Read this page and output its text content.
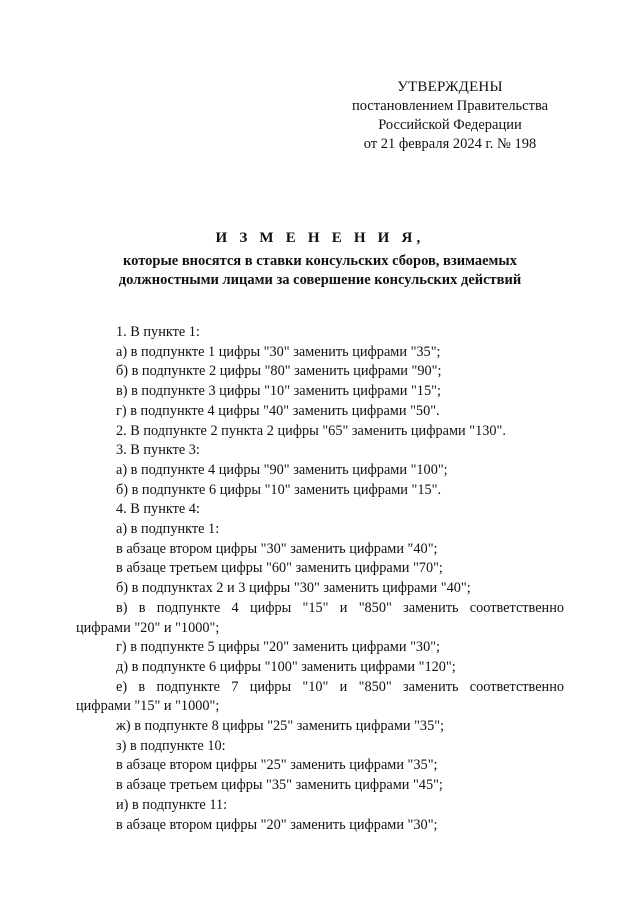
УТВЕРЖДЕНЫ
постановлением Правительства
Российской Федерации
от 21 февраля 2024 г. № 198
И З М Е Н Е Н И Я,
которые вносятся в ставки консульских сборов, взимаемых
должностными лицами за совершение консульских действий
1. В пункте 1:
а) в подпункте 1 цифры "30" заменить цифрами "35";
б) в подпункте 2 цифры "80" заменить цифрами "90";
в) в подпункте 3 цифры "10" заменить цифрами "15";
г) в подпункте 4 цифры "40" заменить цифрами "50".
2. В подпункте 2 пункта 2 цифры "65" заменить цифрами "130".
3. В пункте 3:
а) в подпункте 4 цифры "90" заменить цифрами "100";
б) в подпункте 6 цифры "10" заменить цифрами "15".
4. В пункте 4:
а) в подпункте 1:
в абзаце втором цифры "30" заменить цифрами "40";
в абзаце третьем цифры "60" заменить цифрами "70";
б) в подпунктах 2 и 3 цифры "30" заменить цифрами "40";
в) в подпункте 4 цифры "15" и "850" заменить соответственно
цифрами "20" и "1000";
г) в подпункте 5 цифры "20" заменить цифрами "30";
д) в подпункте 6 цифры "100" заменить цифрами "120";
е) в подпункте 7 цифры "10" и "850" заменить соответственно
цифрами "15" и "1000";
ж) в подпункте 8 цифры "25" заменить цифрами "35";
з) в подпункте 10:
в абзаце втором цифры "25" заменить цифрами "35";
в абзаце третьем цифры "35" заменить цифрами "45";
и) в подпункте 11:
в абзаце втором цифры "20" заменить цифрами "30";
